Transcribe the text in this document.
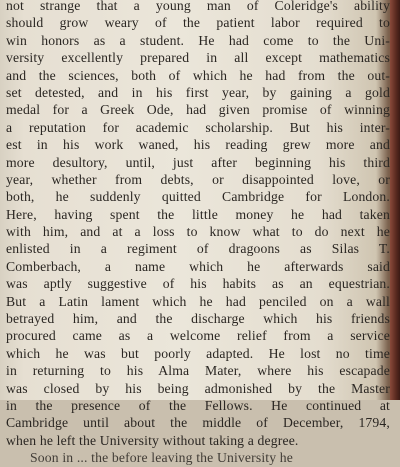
not strange that a young man of Coleridge's ability
should grow weary of the patient labor required to
win honors as a student. He had come to the Uni-
versity excellently prepared in all except mathematics
and the sciences, both of which he had from the out-
set detested, and in his first year, by gaining a gold
medal for a Greek Ode, had given promise of winning
a reputation for academic scholarship. But his inter-
est in his work waned, his reading grew more and
more desultory, until, just after beginning his third
year, whether from debts, or disappointed love, or
both, he suddenly quitted Cambridge for London.
Here, having spent the little money he had taken
with him, and at a loss to know what to do next he
enlisted in a regiment of dragoons as Silas T.
Comberbach, a name which he afterwards said
was aptly suggestive of his habits as an equestrian.
But a Latin lament which he had penciled on a wall
betrayed him, and the discharge which his friends
procured came as a welcome relief from a service
which he was but poorly adapted. He lost no time
in returning to his Alma Mater, where his escapade
was closed by his being admonished by the Master
in the presence of the Fellows. He continued at
Cambridge until about the middle of December, 1794,
when he left the University without taking a degree.
Soon in ... the before leaving the University he
